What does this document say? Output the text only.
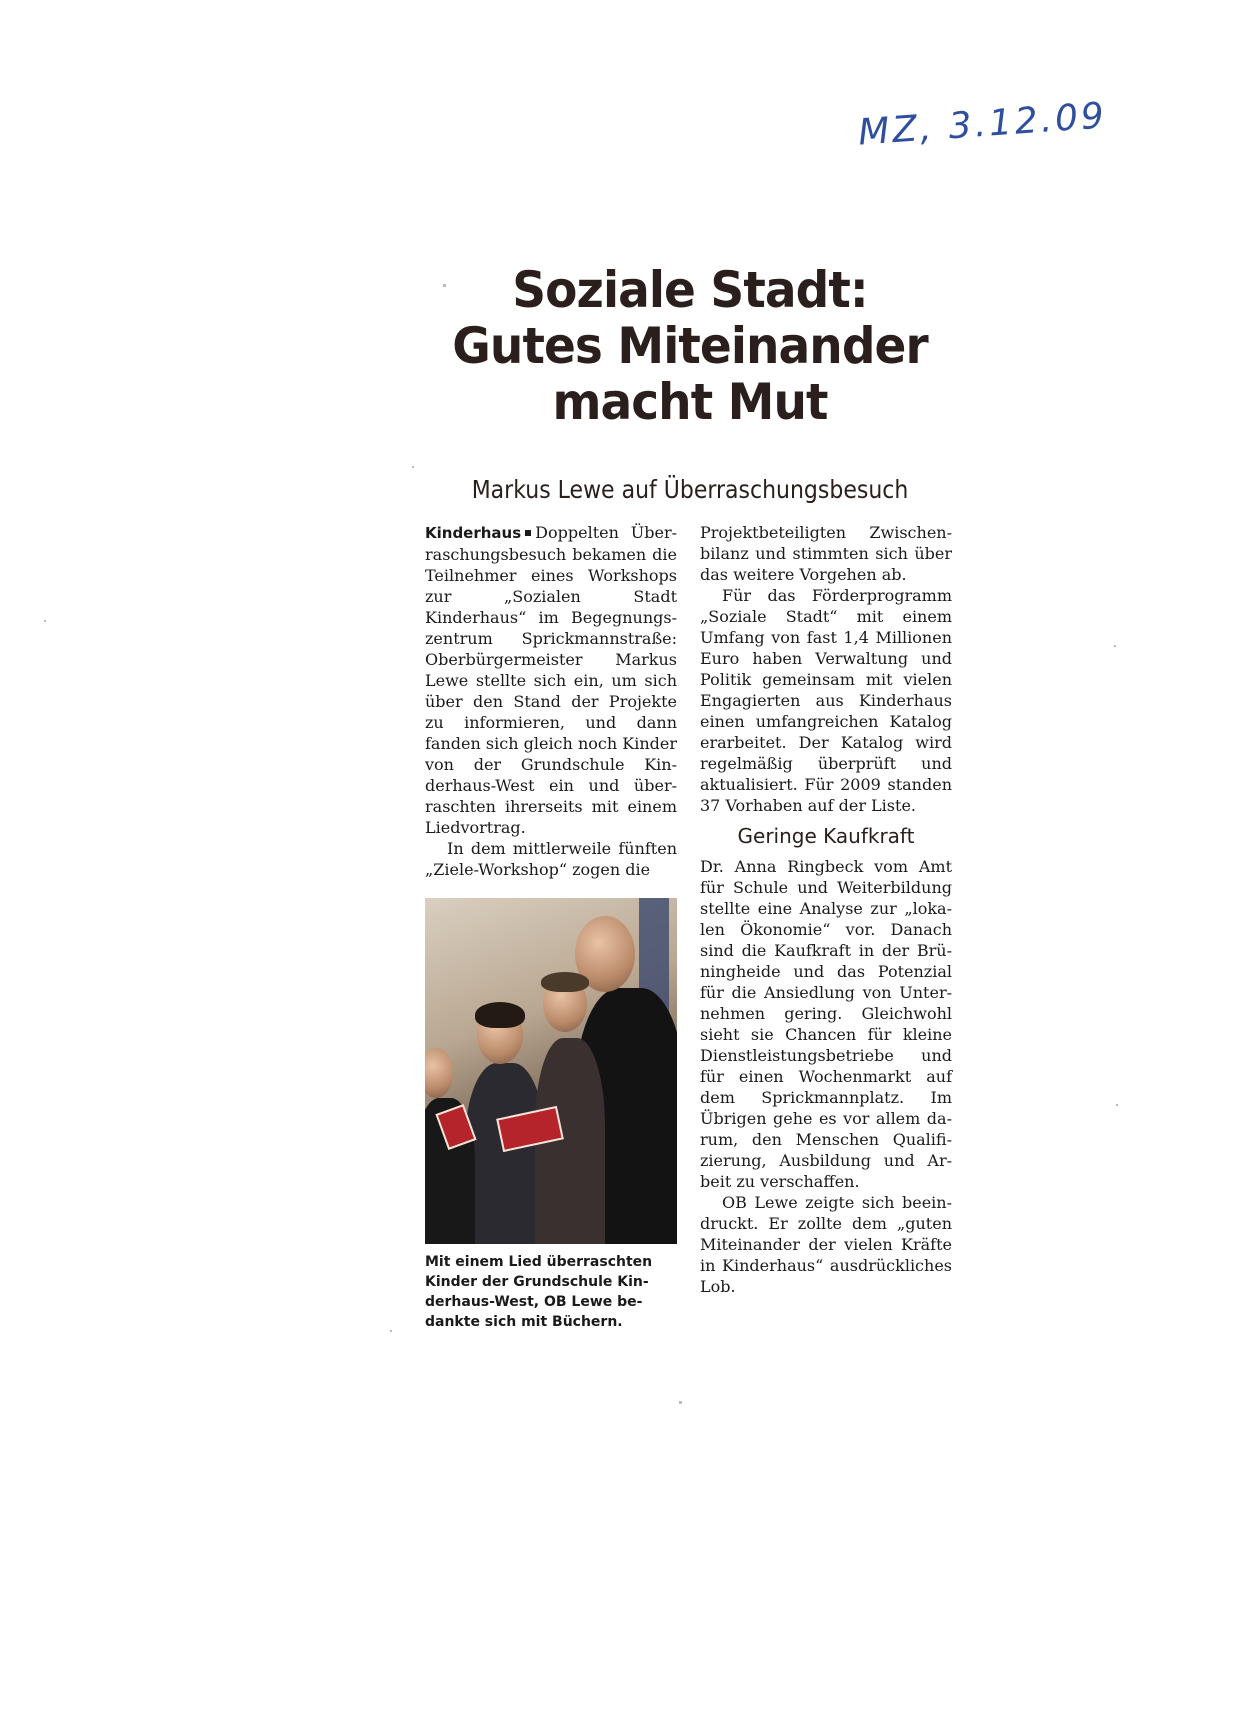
MZ, 3.12.09
Soziale Stadt:
Gutes Miteinander
macht Mut
Markus Lewe auf Überraschungsbesuch

Kinderhaus Doppelten Überraschungsbesuch bekamen die Teilnehmer eines Workshops zur „Sozialen Stadt Kinderhaus“ im Begegnungszentrum Sprickmannstraße: Oberbürgermeister Markus Lewe stellte sich ein, um sich über den Stand der Projekte zu informieren, und dann fanden sich gleich noch Kinder von der Grundschule Kinderhaus-West ein und überraschten ihrerseits mit einem Liedvortrag.

In dem mittlerweile fünften „Ziele-Workshop“ zogen die

Mit einem Lied überraschten
Kinder der Grundschule Kin-
derhaus-West, OB Lewe be-
dankte sich mit Büchern.

Projektbeteiligten Zwischenbilanz und stimmten sich über das weitere Vorgehen ab.

Für das Förderprogramm „Soziale Stadt“ mit einem Umfang von fast 1,4 Millionen Euro haben Verwaltung und Politik gemeinsam mit vielen Engagierten aus Kinderhaus einen umfangreichen Katalog erarbeitet. Der Katalog wird regelmäßig überprüft und aktualisiert. Für 2009 standen 37 Vorhaben auf der Liste.

Geringe Kaufkraft

Dr. Anna Ringbeck vom Amt für Schule und Weiterbildung stellte eine Analyse zur „lokalen Ökonomie“ vor. Danach sind die Kaufkraft in der Brüningheide und das Potenzial für die Ansiedlung von Unternehmen gering. Gleichwohl sieht sie Chancen für kleine Dienstleistungsbetriebe und für einen Wochenmarkt auf dem Sprickmannplatz. Im Übrigen gehe es vor allem darum, den Menschen Qualifizierung, Ausbildung und Arbeit zu verschaffen.

OB Lewe zeigte sich beeindruckt. Er zollte dem „guten Miteinander der vielen Kräfte in Kinderhaus“ ausdrückliches Lob.
